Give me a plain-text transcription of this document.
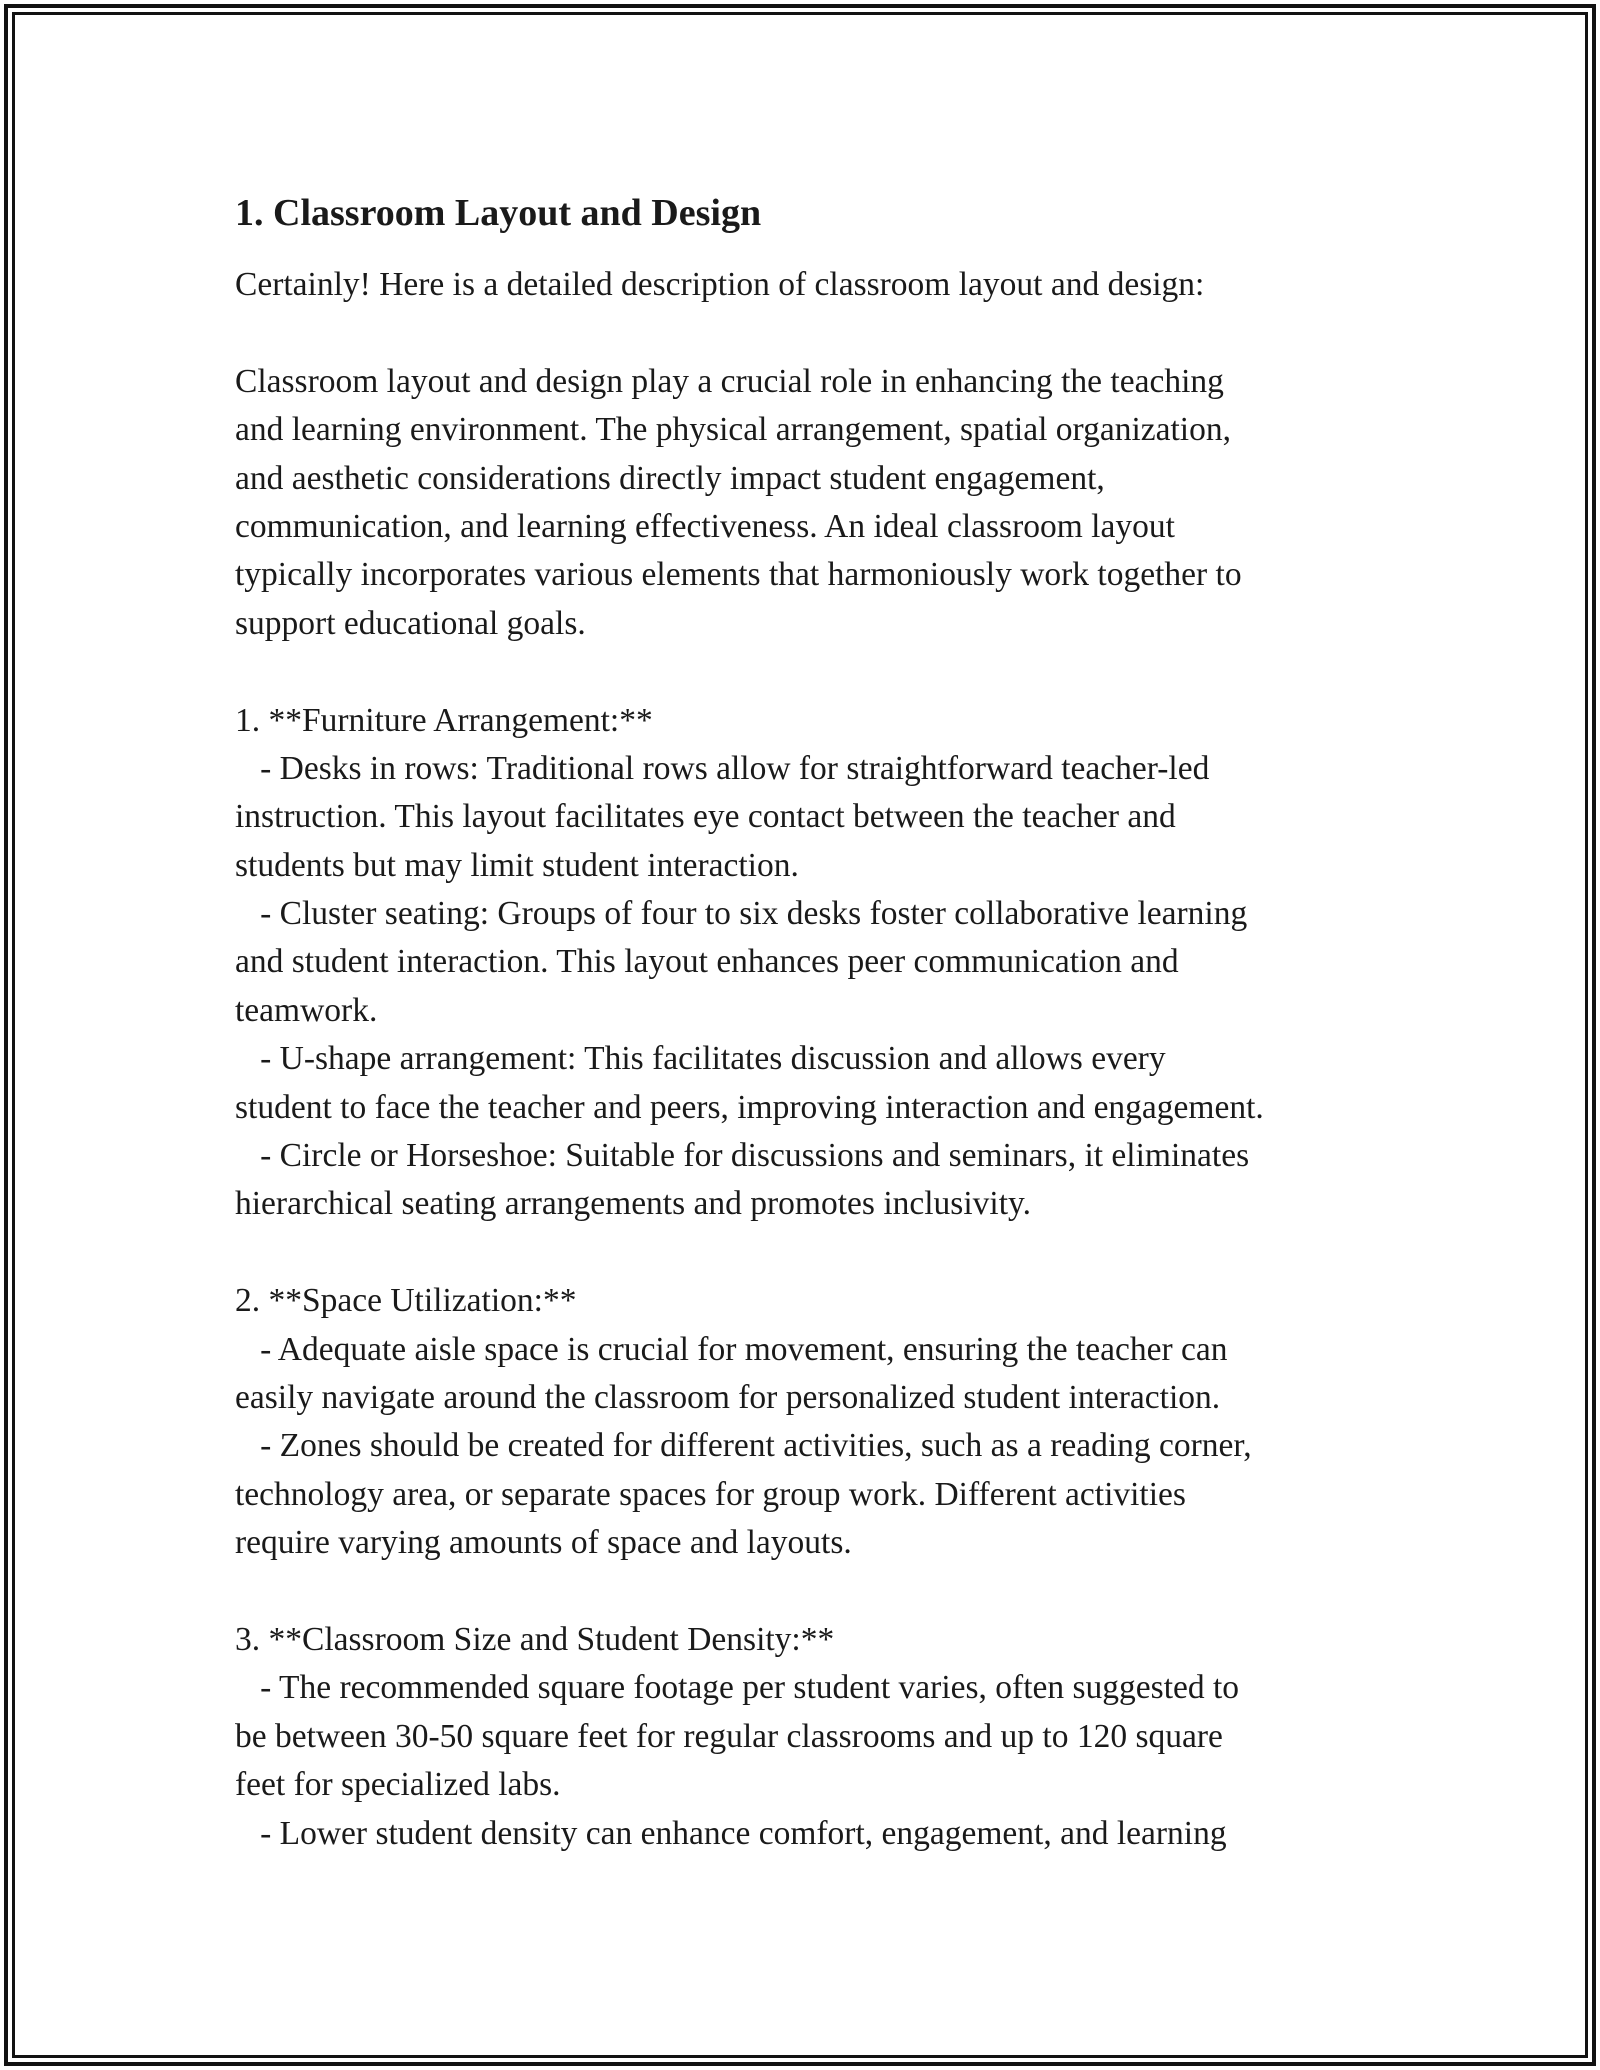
1. Classroom Layout and Design

Certainly! Here is a detailed description of classroom layout and design:

Classroom layout and design play a crucial role in enhancing the teaching

and learning environment. The physical arrangement, spatial organization,

and aesthetic considerations directly impact student engagement,

communication, and learning effectiveness. An ideal classroom layout

typically incorporates various elements that harmoniously work together to

support educational goals.

1. **Furniture Arrangement:**

- Desks in rows: Traditional rows allow for straightforward teacher-led

instruction. This layout facilitates eye contact between the teacher and

students but may limit student interaction.

- Cluster seating: Groups of four to six desks foster collaborative learning

and student interaction. This layout enhances peer communication and

teamwork.

- U-shape arrangement: This facilitates discussion and allows every

student to face the teacher and peers, improving interaction and engagement.

- Circle or Horseshoe: Suitable for discussions and seminars, it eliminates

hierarchical seating arrangements and promotes inclusivity.

2. **Space Utilization:**

- Adequate aisle space is crucial for movement, ensuring the teacher can

easily navigate around the classroom for personalized student interaction.

- Zones should be created for different activities, such as a reading corner,

technology area, or separate spaces for group work. Different activities

require varying amounts of space and layouts.

3. **Classroom Size and Student Density:**

- The recommended square footage per student varies, often suggested to

be between 30-50 square feet for regular classrooms and up to 120 square

feet for specialized labs.

- Lower student density can enhance comfort, engagement, and learning
